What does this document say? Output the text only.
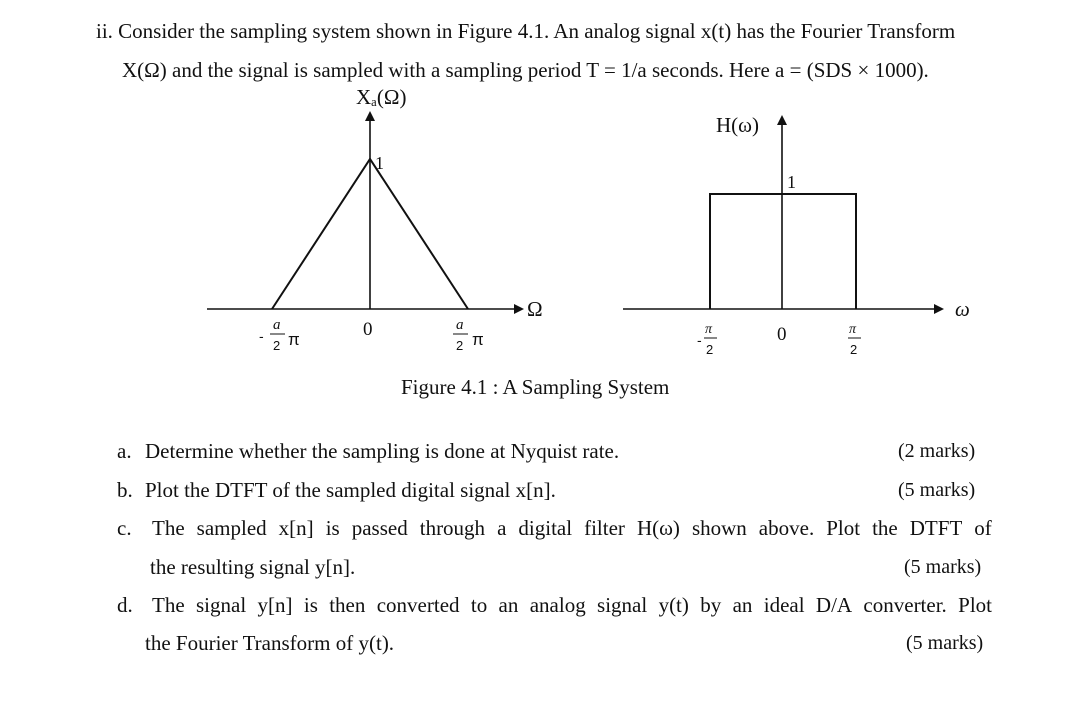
ii. Consider the sampling system shown in Figure 4.1. An analog signal x(t) has the Fourier Transform
X(Ω) and the signal is sampled with a sampling period T = 1/a seconds. Here a = (SDS × 1000).
Xₐ(Ω)
Ω
1
0
-
a
2 π
a
2 π
H(ω)
ω
1
0
-
π
2
π
2
Figure 4.1 : A Sampling System
a. Determine whether the sampling is done at Nyquist rate.	(2 marks)
b. Plot the DTFT of the sampled digital signal x[n].	(5 marks)
c. The sampled x[n] is passed through a digital filter H(ω) shown above. Plot the DTFT of
the resulting signal y[n].	(5 marks)
d. The signal y[n] is then converted to an analog signal y(t) by an ideal D/A converter. Plot
the Fourier Transform of y(t).	(5 marks)
